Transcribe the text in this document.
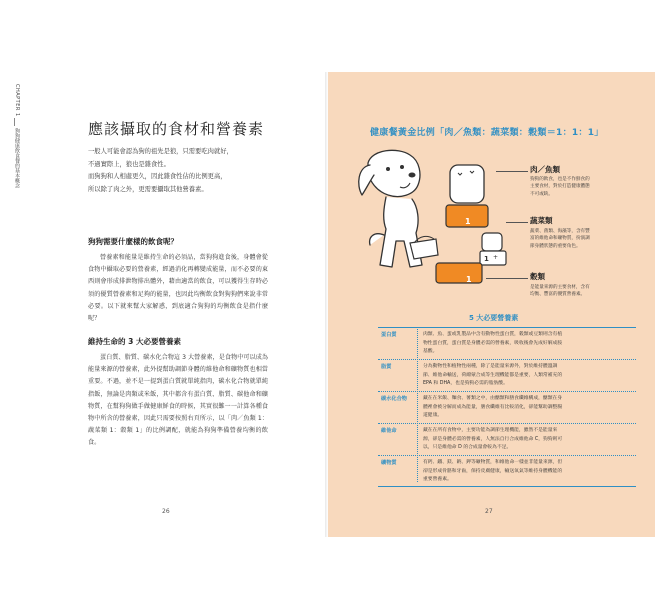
CHAPTER 1
狗狗健康飲食餐的基本概念	應該攝取的食材和營養素

一般人可能會認為狗的祖先是狼，只需要吃肉就好，

不過實際上，狼也是雜食性。

而狗狗和人相處更久，因此雜食性佔的比例更高，

所以除了肉之外，更需要攝取其他營養素。

狗狗需要什麼樣的飲食呢？

營養素和能量是維持生命的必須品，當狗狗進食後，身體會從食物中攝取必要的營養素，經過消化再轉變成能量，而不必要的東西則會形成排泄物排出體外，藉由適當的飲食，可以獲得生存時必須的優質營養素和足夠的能量，也因此均衡飲食對狗狗們來說非常必要。以下就來幫大家解惑，到底適合狗狗的均衡飲食是指什麼呢？

維持生命的 3 大必要營養素

蛋白質、脂質、碳水化合物這 3 大營養素，是食物中可以成為能量來源的營養素，此外提幫助調節身體的維他命和礦物質也相當重要。不過，並不是一提到蛋白質就單純指肉，碳水化合物就單純指飯，無論是肉類或米飯，其中都含有蛋白質、脂質、碳他命和礦物質，在幫狗狗做手做健康鮮食的時候，其實很難一一計算各種食物中所含的營養素，因此只需要按照右頁所示，以「肉／魚類 1：蔬菜類 1：穀類 1」的比例調配，就能為狗狗準備營養均衡的飲食。

26
健康餐黃金比例「肉／魚類：蔬菜類：穀類＝1：1：1」
1
1 +
1
肉／魚類
狗狗的飲食，也是不作鮮食的
主要食材，對於打造健康體態
不可或缺。
蔬菜類
蔬菜、菌類、海藻等，含有豐
富的維他命和礦物質，扮演調
節身體狀態的重要角色。
穀類
是能量來源的主要食材，含有
均衡、豐富的優質營養素。
5 大必要營養素
蛋白質	肉類、魚、蛋或乳製品中含有動物性蛋白質，穀類或豆類則含有植
物性蛋白質，蛋白質是身體必需的營養素，吸收後會先成好解成胺
基酸。
脂質	分為動物性和植物性兩種，除了是能量來源外，對於維持體溫調
節、維他命輸送，荷爾蒙合成等生理機能都是重要，人類常補充的
EPA 和 DHA，也是狗狗必需的脂肪酸。
碳水化合物	藏在在米飯、麵食、薯類之中，由醣類和膳食纖維構成，醣類在身
體裡會被分解而成為能量，膳食纖維有比較消化，卻能幫助調整腸
道健康。
維他命	藏在在所有食物中，主要功能為調節生理機能，雖然不是能量來
源，卻是身體必需的營養素，人無法自行合成維他命 C，狗狗則可
以，只是維他命 D 的合成量會較為不足。
礦物質	有鈣、鐵、鎂、鈉、鉀等礦物質，和維他命一樣並非能量來源，但
卻是形成骨骼和牙齒，保持皮膚健康，輸送氧氣等維持身體機能的
重要營養素。
27
